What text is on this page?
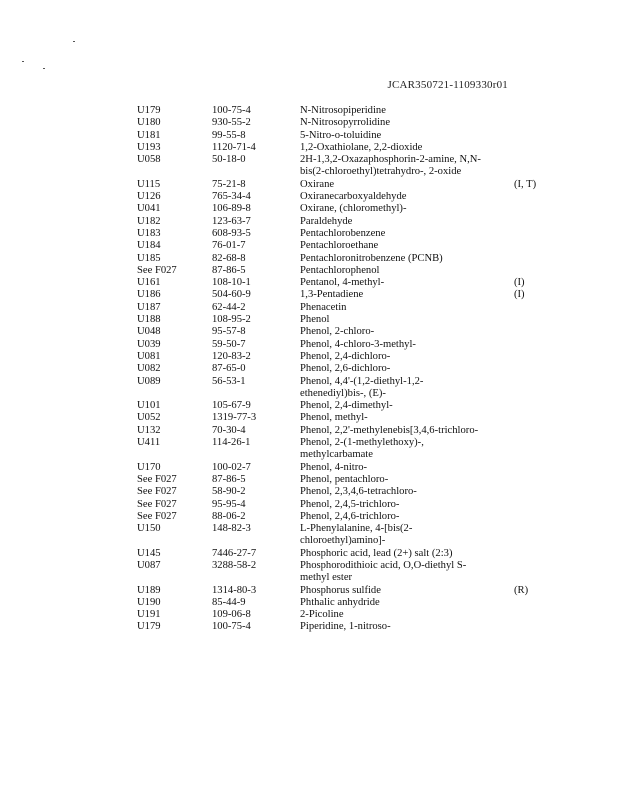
JCAR350721-1109330r01
U179	100-75-4	N-Nitrosopiperidine
U180	930-55-2	N-Nitrosopyrrolidine
U181	99-55-8	5-Nitro-o-toluidine
U193	1120-71-4	1,2-Oxathiolane, 2,2-dioxide
U058	50-18-0	2H-1,3,2-Oxazaphosphorin-2-amine, N,N-
bis(2-chloroethyl)tetrahydro-, 2-oxide
U115	75-21-8	Oxirane	(I, T)
U126	765-34-4	Oxiranecarboxyaldehyde
U041	106-89-8	Oxirane, (chloromethyl)-
U182	123-63-7	Paraldehyde
U183	608-93-5	Pentachlorobenzene
U184	76-01-7	Pentachloroethane
U185	82-68-8	Pentachloronitrobenzene (PCNB)
See F027	87-86-5	Pentachlorophenol
U161	108-10-1	Pentanol, 4-methyl-	(I)
U186	504-60-9	1,3-Pentadiene	(I)
U187	62-44-2	Phenacetin
U188	108-95-2	Phenol
U048	95-57-8	Phenol, 2-chloro-
U039	59-50-7	Phenol, 4-chloro-3-methyl-
U081	120-83-2	Phenol, 2,4-dichloro-
U082	87-65-0	Phenol, 2,6-dichloro-
U089	56-53-1	Phenol, 4,4'-(1,2-diethyl-1,2-
ethenediyl)bis-, (E)-
U101	105-67-9	Phenol, 2,4-dimethyl-
U052	1319-77-3	Phenol, methyl-
U132	70-30-4	Phenol, 2,2'-methylenebis[3,4,6-trichloro-
U411	114-26-1	Phenol, 2-(1-methylethoxy)-,
methylcarbamate
U170	100-02-7	Phenol, 4-nitro-
See F027	87-86-5	Phenol, pentachloro-
See F027	58-90-2	Phenol, 2,3,4,6-tetrachloro-
See F027	95-95-4	Phenol, 2,4,5-trichloro-
See F027	88-06-2	Phenol, 2,4,6-trichloro-
U150	148-82-3	L-Phenylalanine, 4-[bis(2-
chloroethyl)amino]-
U145	7446-27-7	Phosphoric acid, lead (2+) salt (2:3)
U087	3288-58-2	Phosphorodithioic acid, O,O-diethyl S-
methyl ester
U189	1314-80-3	Phosphorus sulfide	(R)
U190	85-44-9	Phthalic anhydride
U191	109-06-8	2-Picoline
U179	100-75-4	Piperidine, 1-nitroso-
